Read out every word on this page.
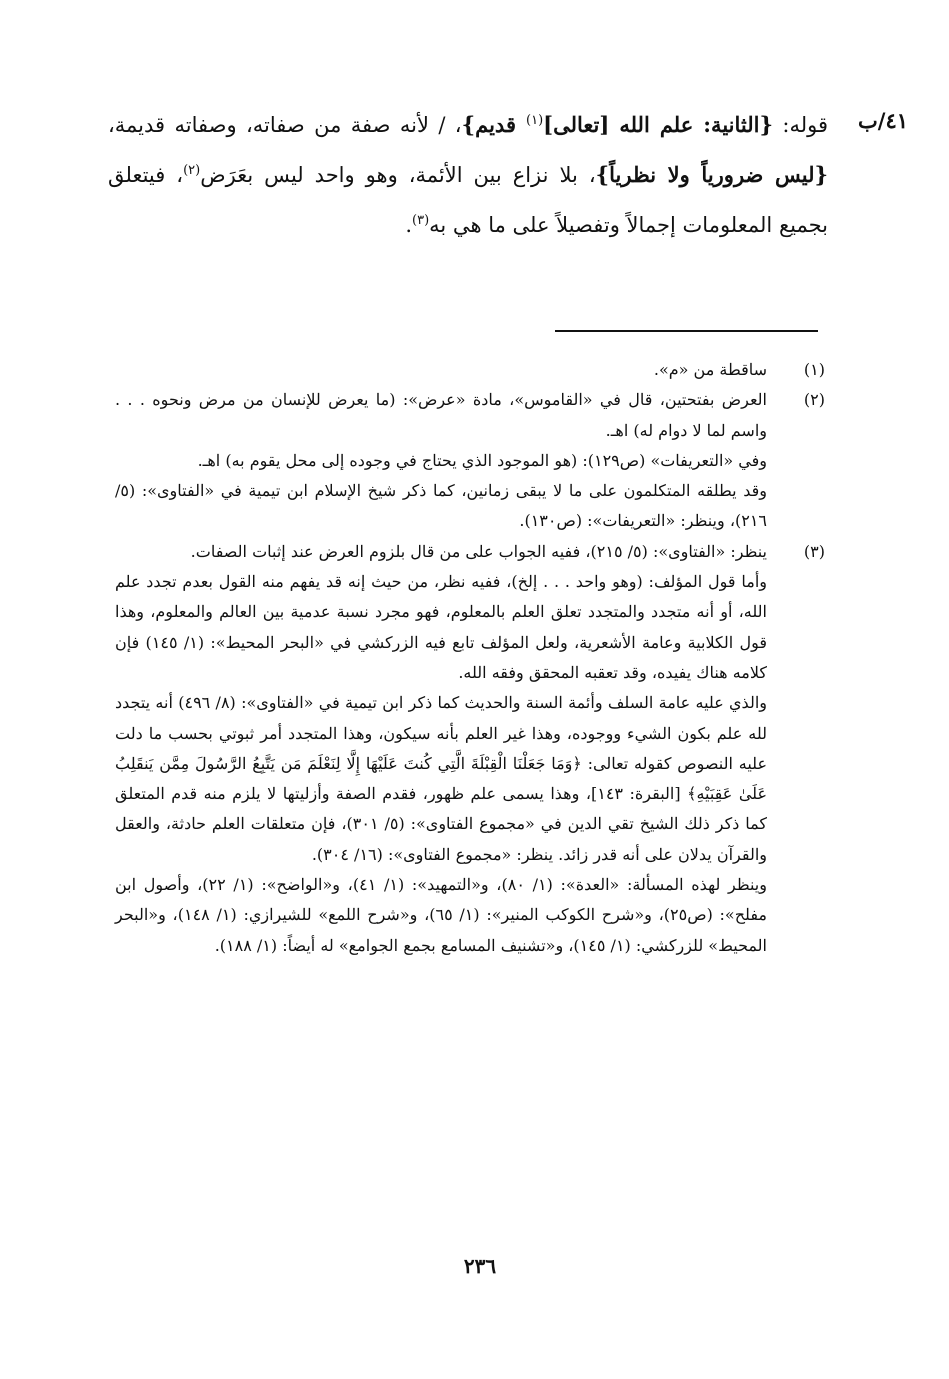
٤١/ب

قوله: {الثانية: علم الله [تعالى]$^{(١)}$ قديم}، / لأنه صفة من صفاته، وصفاته قديمة، {ليس ضرورياً ولا نظرياً}، بلا نزاع بين الأئمة، وهو واحد ليس بعَرَض$^{(٢)}$، فيتعلق بجميع المعلومات إجمالاً وتفصيلاً على ما هي به$^{(٣)}$.

(١)

ساقطة من «م».

(٢)

العرض بفتحتين، قال في «القاموس»، مادة «عرض»: (ما يعرض للإنسان من مرض ونحوه . . . واسم لما لا دوام له) اهـ.

وفي «التعريفات» (ص١٢٩): (هو الموجود الذي يحتاج في وجوده إلى محل يقوم به) اهـ.

وقد يطلقه المتكلمون على ما لا يبقى زمانين، كما ذكر شيخ الإسلام ابن تيمية في «الفتاوى»: (٥/ ٢١٦)، وينظر: «التعريفات»: (ص١٣٠).

(٣)

ينظر: «الفتاوى»: (٥/ ٢١٥)، ففيه الجواب على من قال بلزوم العرض عند إثبات الصفات.

وأما قول المؤلف: (وهو واحد . . . إلخ)، ففيه نظر، من حيث إنه قد يفهم منه القول بعدم تجدد علم الله، أو أنه متجدد والمتجدد تعلق العلم بالمعلوم، فهو مجرد نسبة عدمية بين العالم والمعلوم، وهذا قول الكلابية وعامة الأشعرية، ولعل المؤلف تابع فيه الزركشي في «البحر المحيط»: (١/ ١٤٥) فإن كلامه هناك يفيده، وقد تعقبه المحقق وفقه الله.

والذي عليه عامة السلف وأئمة السنة والحديث كما ذكر ابن تيمية في «الفتاوى»: (٨/ ٤٩٦) أنه يتجدد لله علم بكون الشيء ووجوده، وهذا غير العلم بأنه سيكون، وهذا المتجدد أمر ثبوتي بحسب ما دلت عليه النصوص كقوله تعالى: ﴿وَمَا جَعَلْنَا الْقِبْلَةَ الَّتِي كُنتَ عَلَيْهَا إِلَّا لِنَعْلَمَ مَن يَتَّبِعُ الرَّسُولَ مِمَّن يَنقَلِبُ عَلَىٰ عَقِبَيْهِ﴾ [البقرة: ١٤٣]، وهذا يسمى علم ظهور، فقدم الصفة وأزليتها لا يلزم منه قدم المتعلق كما ذكر ذلك الشيخ تقي الدين في «مجموع الفتاوى»: (٥/ ٣٠١)، فإن متعلقات العلم حادثة، والعقل والقرآن يدلان على أنه قدر زائد. ينظر: «مجموع الفتاوى»: (١٦/ ٣٠٤).

وينظر لهذه المسألة: «العدة»: (١/ ٨٠)، و«التمهيد»: (١/ ٤١)، و«الواضح»: (١/ ٢٢)، وأصول ابن مفلح»: (ص٢٥)، و«شرح الكوكب المنير»: (١/ ٦٥)، و«شرح اللمع» للشيرازي: (١/ ١٤٨)، و«البحر المحيط» للزركشي: (١/ ١٤٥)، و«تشنيف المسامع بجمع الجوامع» له أيضاً: (١/ ١٨٨).

٢٣٦
